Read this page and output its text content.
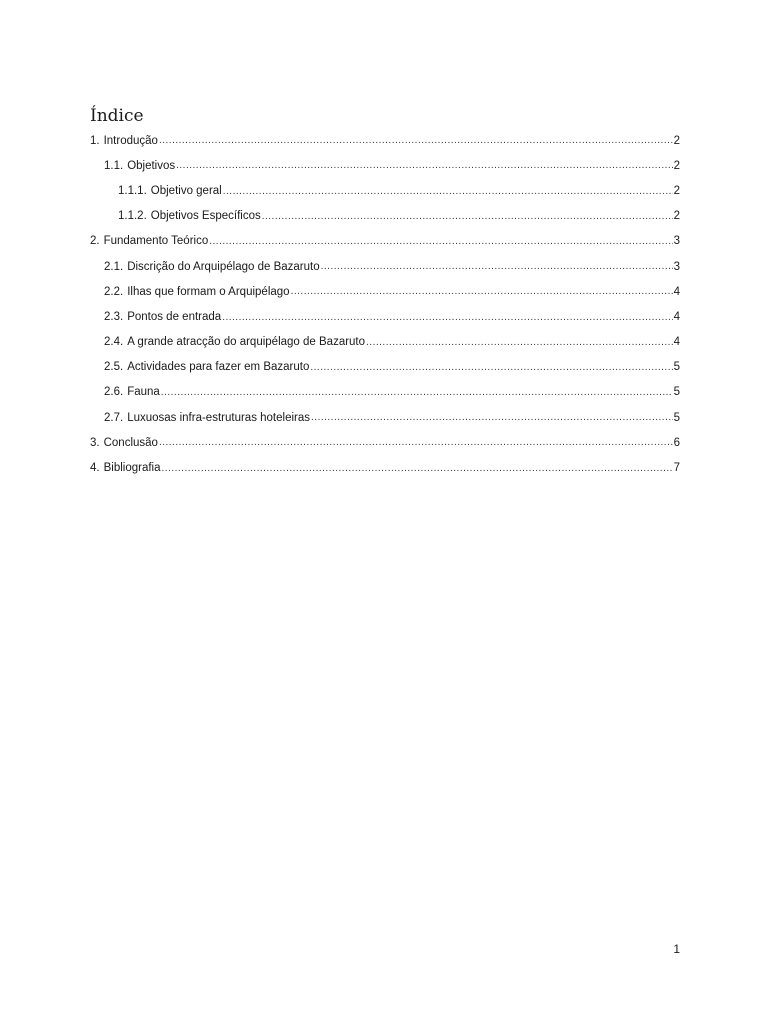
Índice
1. Introdução .....	2
1.1. Objetivos .....	2
1.1.1. Objetivo geral .....	2
1.1.2. Objetivos Específicos .....	2
2. Fundamento Teórico .....	3
2.1. Discrição do Arquipélago de Bazaruto .....	3
2.2. Ilhas que formam o Arquipélago .....	4
2.3. Pontos de entrada .....	4
2.4. A grande atracção do arquipélago de Bazaruto .....	4
2.5. Actividades para fazer em Bazaruto .....	5
2.6. Fauna .....	5
2.7. Luxuosas infra-estruturas hoteleiras .....	5
3. Conclusão .....	6
4. Bibliografia .....	7
1
